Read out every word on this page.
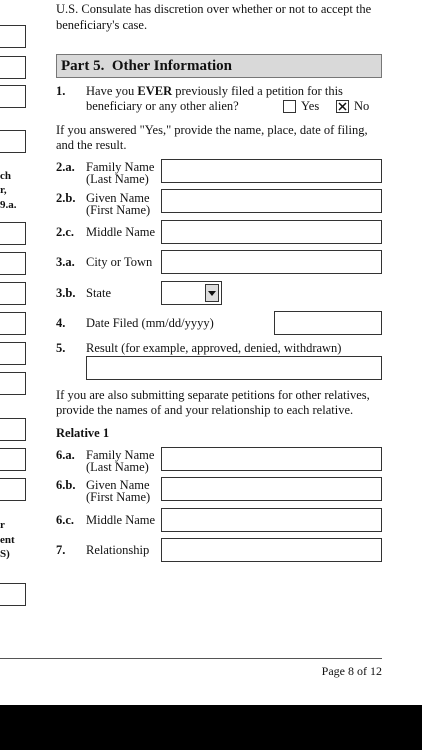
ch
r,
9.a.
r
ent
S)
U.S. Consulate has discretion over whether or not to accept the
beneficiary's case.
Part 5.  Other Information
1. Have you EVER previously filed a petition for this
beneficiary or any other alien?	Yes	No
If you answered "Yes," provide the name, place, date of filing,
and the result.
2.a. Family Name
(Last Name)
2.b. Given Name
(First Name)
2.c. Middle Name
3.a. City or Town
3.b. State
4. Date Filed (mm/dd/yyyy)
5. Result (for example, approved, denied, withdrawn)
If you are also submitting separate petitions for other relatives,
provide the names of and your relationship to each relative.
Relative 1
6.a. Family Name
(Last Name)
6.b. Given Name
(First Name)
6.c. Middle Name
7. Relationship
Page 8 of 12
